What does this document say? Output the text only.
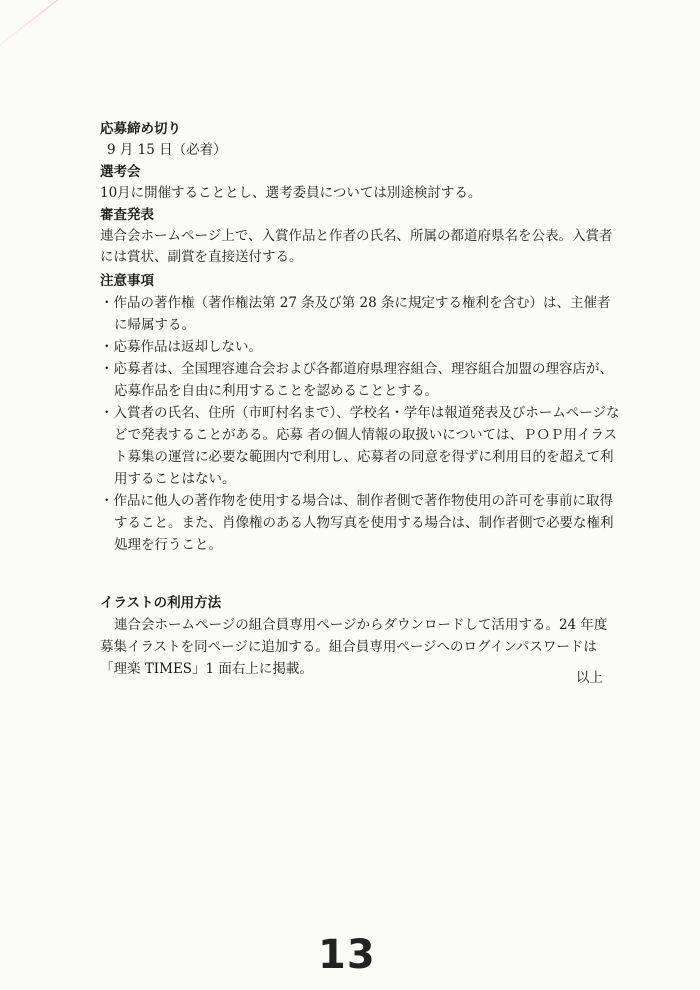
応募締め切り

9 月 15 日（必着）

選考会

10月に開催することとし、選考委員については別途検討する。

審査発表

連合会ホームページ上で、入賞作品と作者の氏名、所属の都道府県名を公表。入賞者には賞状、副賞を直接送付する。

注意事項

・作品の著作権（著作権法第 27 条及び第 28 条に規定する権利を含む）は、主催者に帰属する。

・応募作品は返却しない。

・応募者は、全国理容連合会および各都道府県理容組合、理容組合加盟の理容店が、応募作品を自由に利用することを認めることとする。

・入賞者の氏名、住所（市町村名まで）、学校名・学年は報道発表及びホームページなどで発表することがある。応募 者の個人情報の取扱いについては、ＰＯＰ用イラスト募集の運営に必要な範囲内で利用し、応募者の同意を得ずに利用目的を超えて利用することはない。

・作品に他人の著作物を使用する場合は、制作者側で著作物使用の許可を事前に取得すること。また、肖像権のある人物写真を使用する場合は、制作者側で必要な権利処理を行うこと。

イラストの利用方法

連合会ホームページの組合員専用ページからダウンロードして活用する。24 年度募集イラストを同ページに追加する。組合員専用ページへのログインパスワードは「理楽 TIMES」1 面右上に掲載。

以上
13
